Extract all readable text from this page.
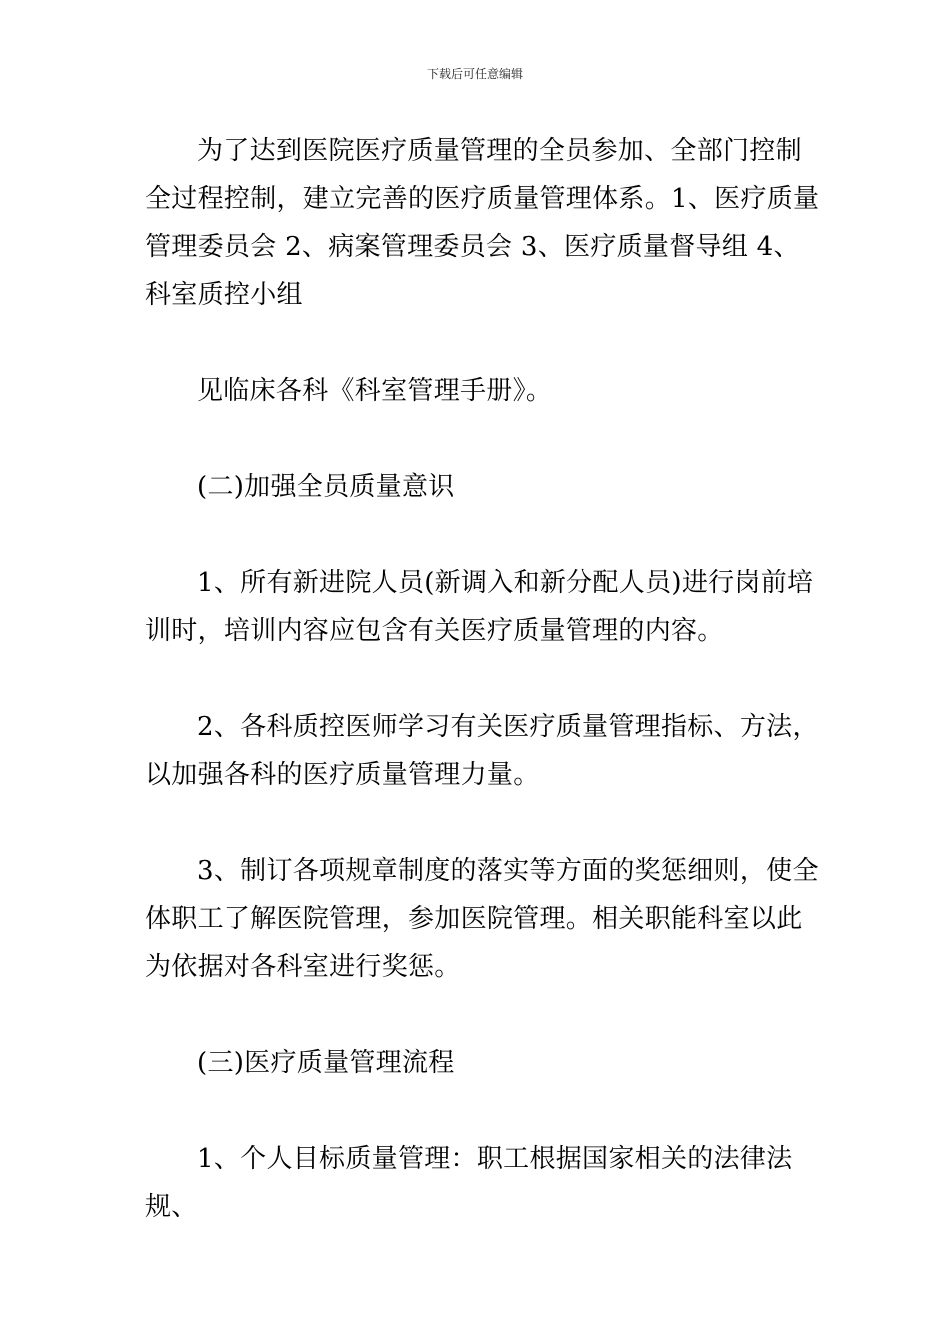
下载后可任意编辑

为了达到医院医疗质量管理的全员参加、全部门控制全过程控制，建立完善的医疗质量管理体系。1、医疗质量管理委员会 2、病案管理委员会 3、医疗质量督导组 4、科室质控小组

见临床各科《科室管理手册》。

(二)加强全员质量意识

1、所有新进院人员(新调入和新分配人员)进行岗前培训时，培训内容应包含有关医疗质量管理的内容。

2、各科质控医师学习有关医疗质量管理指标、方法，以加强各科的医疗质量管理力量。

3、制订各项规章制度的落实等方面的奖惩细则，使全体职工了解医院管理，参加医院管理。相关职能科室以此为依据对各科室进行奖惩。

(三)医疗质量管理流程

1、个人目标质量管理：职工根据国家相关的法律法规、
